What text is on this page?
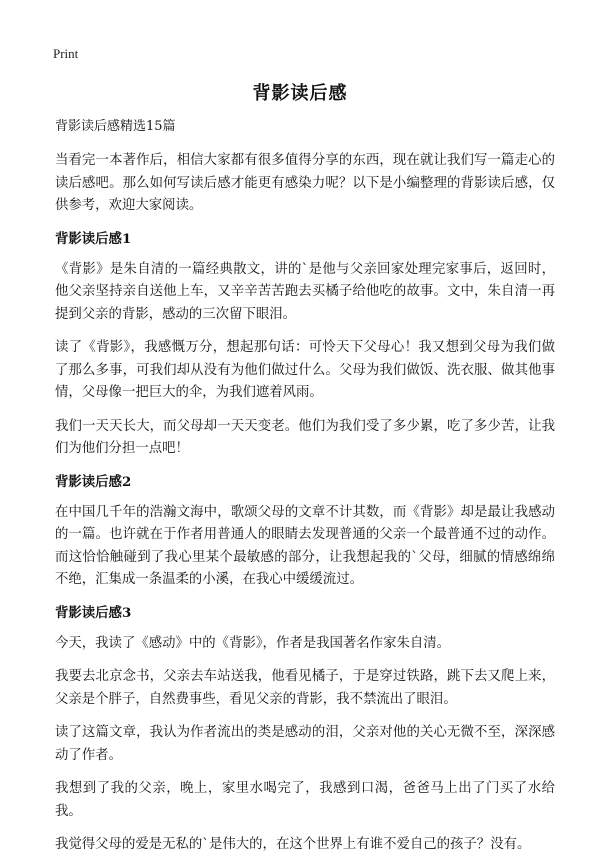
Print
背影读后感
背影读后感精选15篇

当看完一本著作后，相信大家都有很多值得分享的东西，现在就让我们写一篇走心的读后感吧。那么如何写读后感才能更有感染力呢？以下是小编整理的背影读后感，仅供参考，欢迎大家阅读。

背影读后感1

《背影》是朱自清的一篇经典散文，讲的`是他与父亲回家处理完家事后，返回时，他父亲坚持亲自送他上车，又辛辛苦苦跑去买橘子给他吃的故事。文中，朱自清一再提到父亲的背影，感动的三次留下眼泪。

读了《背影》，我感慨万分，想起那句话：可怜天下父母心！我又想到父母为我们做了那么多事，可我们却从没有为他们做过什么。父母为我们做饭、洗衣服、做其他事情，父母像一把巨大的伞，为我们遮着风雨。

我们一天天长大，而父母却一天天变老。他们为我们受了多少累，吃了多少苦，让我们为他们分担一点吧！

背影读后感2

在中国几千年的浩瀚文海中，歌颂父母的文章不计其数，而《背影》却是最让我感动的一篇。也许就在于作者用普通人的眼睛去发现普通的父亲一个最普通不过的动作。而这恰恰触碰到了我心里某个最敏感的部分，让我想起我的`父母，细腻的情感绵绵不绝，汇集成一条温柔的小溪，在我心中缓缓流过。

背影读后感3

今天，我读了《感动》中的《背影》，作者是我国著名作家朱自清。

我要去北京念书，父亲去车站送我，他看见橘子，于是穿过铁路，跳下去又爬上来，父亲是个胖子，自然费事些，看见父亲的背影，我不禁流出了眼泪。

读了这篇文章，我认为作者流出的类是感动的泪，父亲对他的关心无微不至，深深感动了作者。

我想到了我的父亲，晚上，家里水喝完了，我感到口渴，爸爸马上出了门买了水给我。

我觉得父母的爱是无私的`是伟大的，在这个世界上有谁不爱自己的孩子？没有。
